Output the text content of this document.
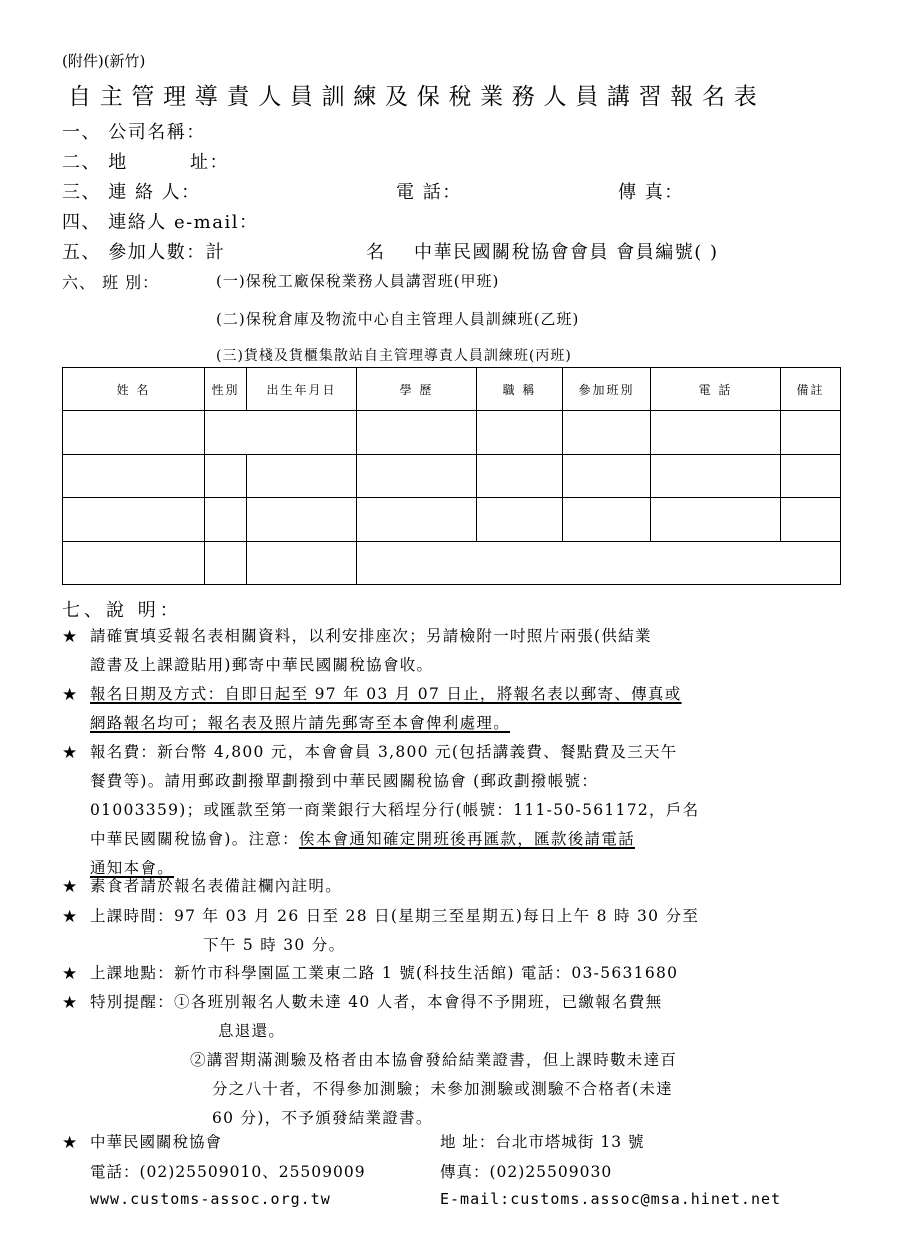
(附件)(新竹)
自主管理導責人員訓練及保稅業務人員講習報名表
一、 公司名稱：
二、 地	址：
三、 連 絡 人：	電 話：	傳 真：
四、 連絡人 e-mail：
五、 參加人數：計	名 中華民國關稅協會會員 會員編號( )
六、 班 別：	(一)保稅工廠保稅業務人員講習班(甲班)
(二)保稅倉庫及物流中心自主管理人員訓練班(乙班)
(三)貨棧及貨櫃集散站自主管理導責人員訓練班(丙班)
姓 名	性別	出生年月日	學 歷	職 稱	參加班別	電 話	備註

七、說 明：
★ 請確實填妥報名表相關資料，以利安排座次；另請檢附一吋照片兩張(供結業
證書及上課證貼用)郵寄中華民國關稅協會收。
★ 報名日期及方式：自即日起至 97 年 03 月 07 日止，將報名表以郵寄、傳真或
網路報名均可；報名表及照片請先郵寄至本會俾利處理。
★ 報名費：新台幣 4,800 元，本會會員 3,800 元(包括講義費、餐點費及三天午
餐費等)。請用郵政劃撥單劃撥到中華民國關稅協會 (郵政劃撥帳號：
01003359)；或匯款至第一商業銀行大稻埕分行(帳號：111-50-561172，戶名
中華民國關稅協會)。注意：俟本會通知確定開班後再匯款，匯款後請電話
通知本會。
★ 素食者請於報名表備註欄內註明。
★ 上課時間：97 年 03 月 26 日至 28 日(星期三至星期五)每日上午 8 時 30 分至
下午 5 時 30 分。
★ 上課地點：新竹市科學園區工業東二路 1 號(科技生活館) 電話：03-5631680
★ 特別提醒：①各班別報名人數未達 40 人者，本會得不予開班，已繳報名費無
息退還。
②講習期滿測驗及格者由本協會發給結業證書，但上課時數未達百
分之八十者，不得參加測驗；未參加測驗或測驗不合格者(未達
60 分)，不予頒發結業證書。
★ 中華民國關稅協會	地 址：台北市塔城街 13 號
電話：(02)25509010、25509009	傳真：(02)25509030
www.customs-assoc.org.tw	E-mail:customs.assoc@msa.hinet.net
